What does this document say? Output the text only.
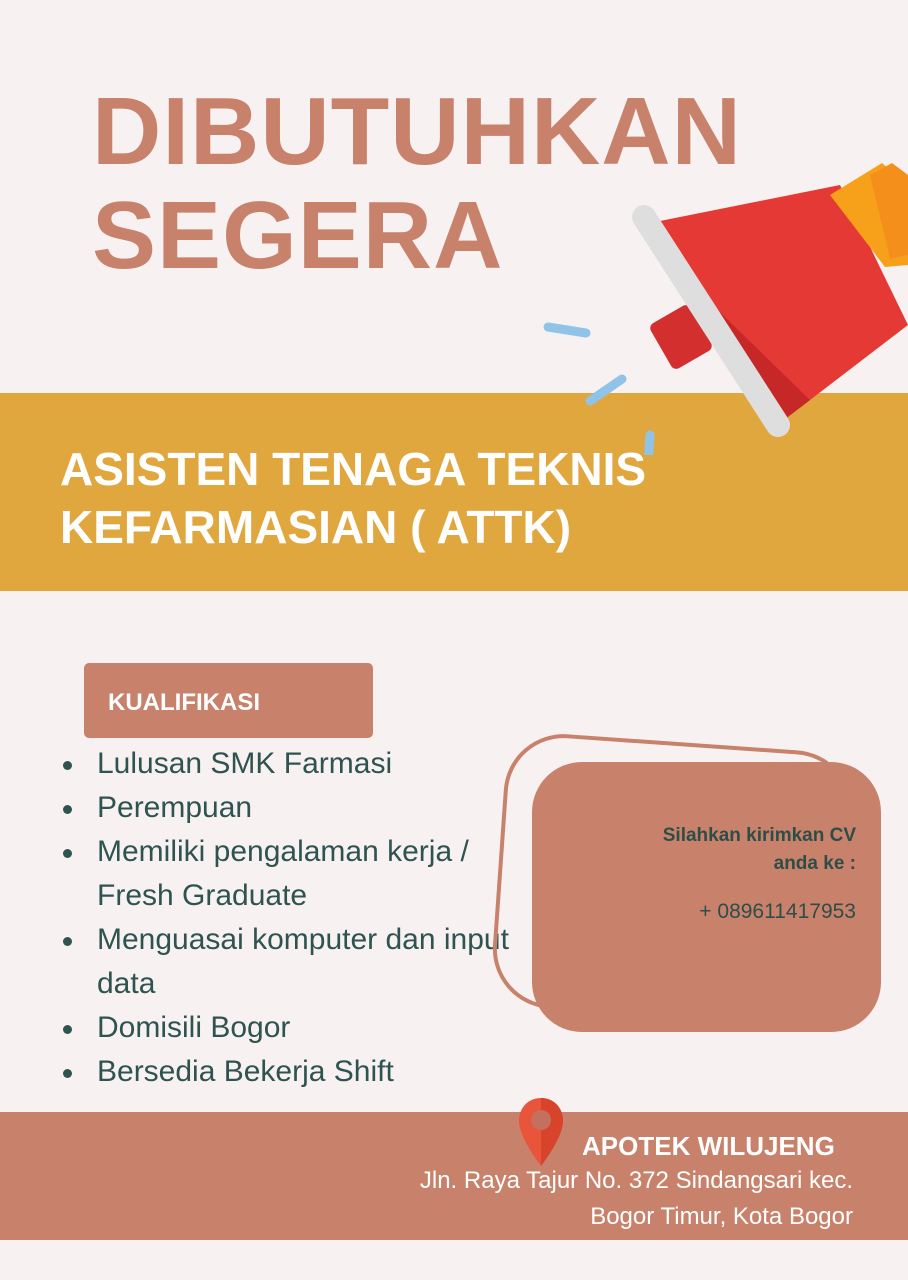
DIBUTUHKAN
SEGERA
ASISTEN TENAGA TEKNIS
KEFARMASIAN ( ATTK)
KUALIFIKASI
Lulusan SMK Farmasi
Perempuan
Memiliki pengalaman kerja / Fresh Graduate
Menguasai komputer dan input data
Domisili Bogor
Bersedia Bekerja Shift

Silahkan kirimkan CV
anda ke :

+ 089611417953

APOTEK WILUJENG

Jln. Raya Tajur No. 372 Sindangsari kec.
Bogor Timur, Kota Bogor
